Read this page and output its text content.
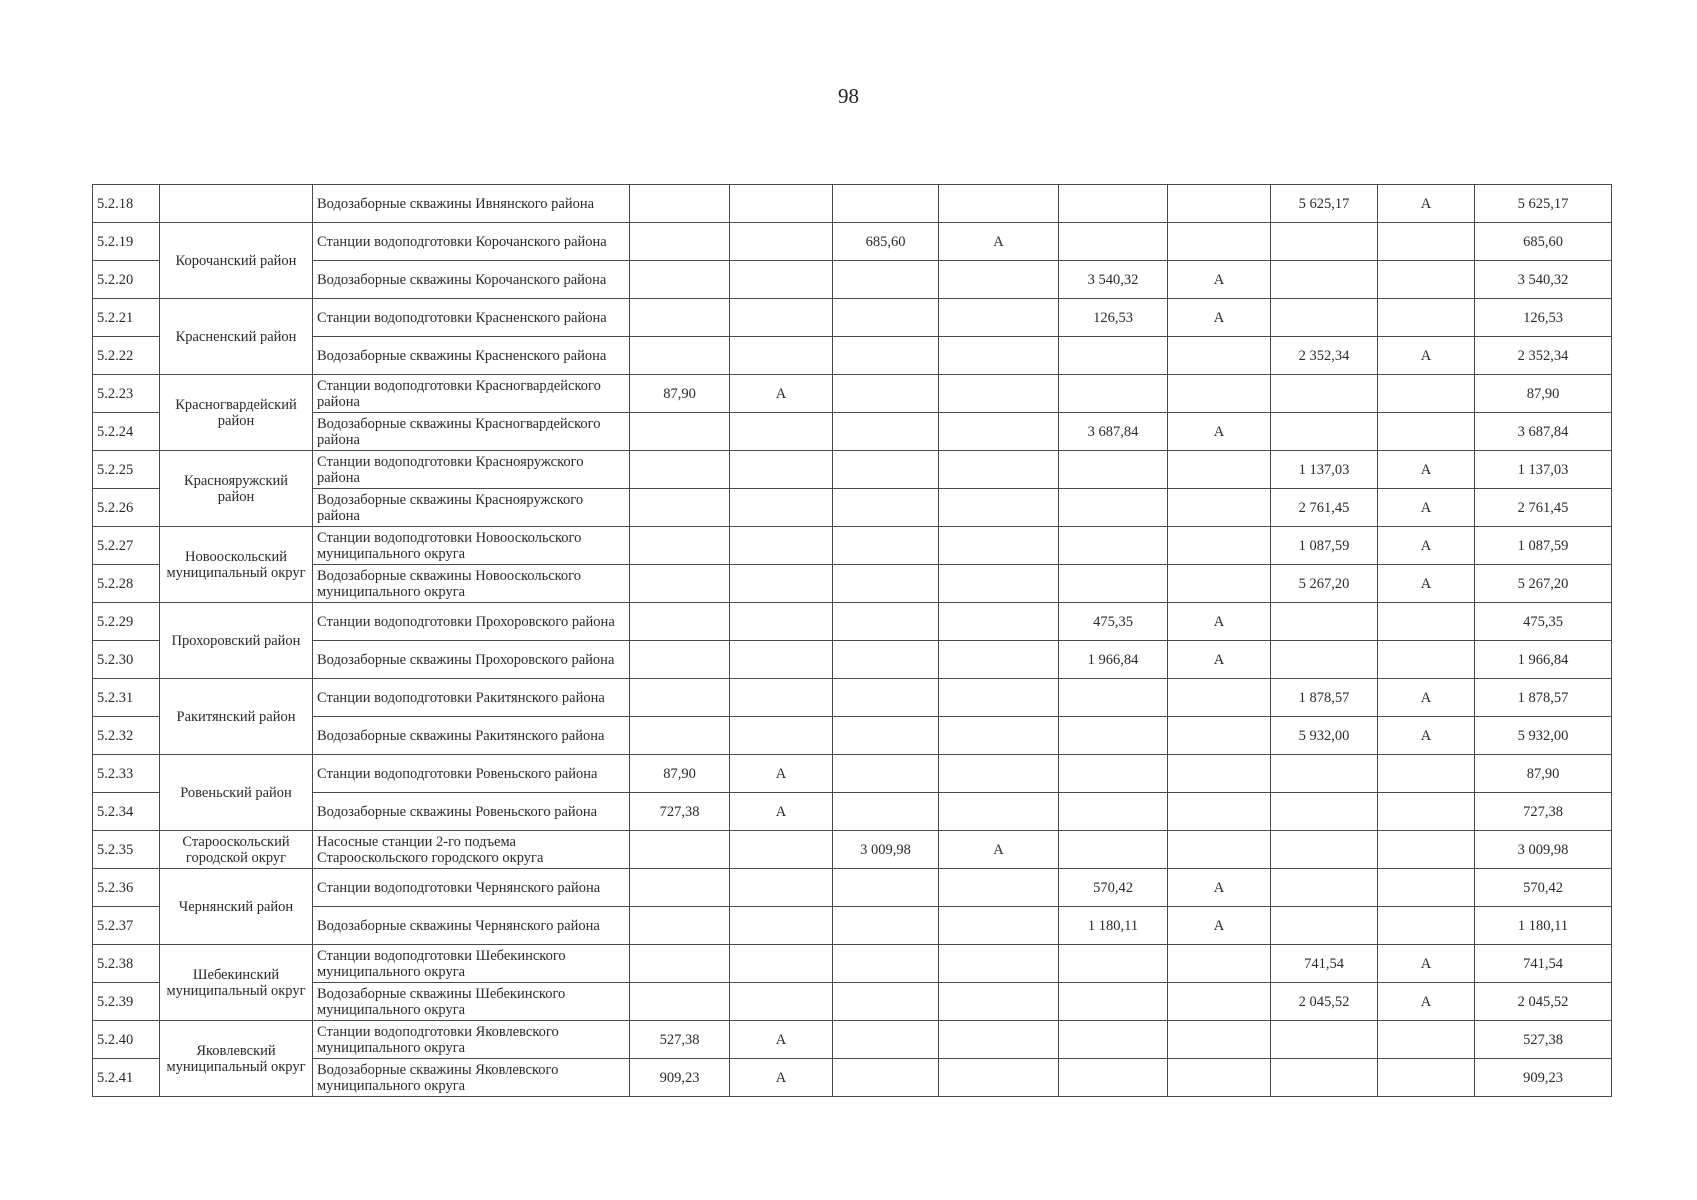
98
5.2.18		Водозаборные скважины Ивнянского района							5 625,17	А	5 625,17
5.2.19	Корочанский район	Станции водоподготовки Корочанского района			685,60	А					685,60
5.2.20		Водозаборные скважины Корочанского района					3 540,32	А			3 540,32
5.2.21	Красненский район	Станции водоподготовки Красненского района					126,53	А			126,53
5.2.22		Водозаборные скважины Красненского района							2 352,34	А	2 352,34
5.2.23	Красногвардейский район	Станции водоподготовки Красногвардейского района	87,90	А							87,90
5.2.24		Водозаборные скважины Красногвардейского района					3 687,84	А			3 687,84
5.2.25	Краснояружский район	Станции водоподготовки Краснояружского района							1 137,03	А	1 137,03
5.2.26		Водозаборные скважины Краснояружского района							2 761,45	А	2 761,45
5.2.27	Новооскольский муниципальный округ	Станции водоподготовки Новооскольского муниципального округа							1 087,59	А	1 087,59
5.2.28		Водозаборные скважины Новооскольского муниципального округа							5 267,20	А	5 267,20
5.2.29	Прохоровский район	Станции водоподготовки Прохоровского района					475,35	А			475,35
5.2.30		Водозаборные скважины Прохоровского района					1 966,84	А			1 966,84
5.2.31	Ракитянский район	Станции водоподготовки Ракитянского района							1 878,57	А	1 878,57
5.2.32		Водозаборные скважины Ракитянского района							5 932,00	А	5 932,00
5.2.33	Ровеньский район	Станции водоподготовки Ровеньского района	87,90	А							87,90
5.2.34		Водозаборные скважины Ровеньского района	727,38	А							727,38
5.2.35	Старооскольский городской округ	Насосные станции 2-го подъема Старооскольского городского округа			3 009,98	А					3 009,98
5.2.36	Чернянский район	Станции водоподготовки Чернянского района					570,42	А			570,42
5.2.37		Водозаборные скважины Чернянского района					1 180,11	А			1 180,11
5.2.38	Шебекинский муниципальный округ	Станции водоподготовки Шебекинского муниципального округа							741,54	А	741,54
5.2.39		Водозаборные скважины Шебекинского муниципального округа							2 045,52	А	2 045,52
5.2.40	Яковлевский муниципальный округ	Станции водоподготовки Яковлевского муниципального округа	527,38	А							527,38
5.2.41		Водозаборные скважины Яковлевского муниципального округа	909,23	А							909,23
